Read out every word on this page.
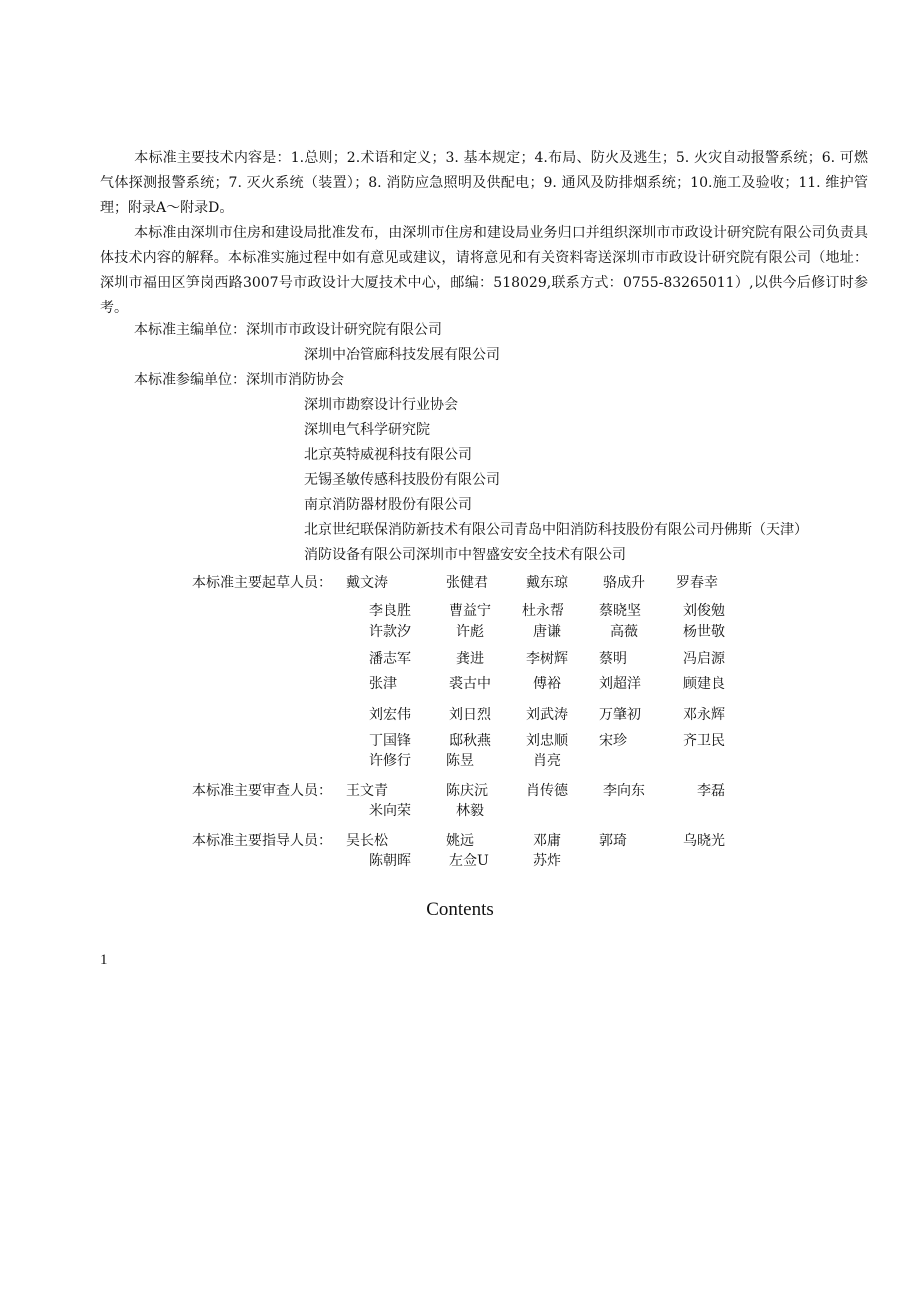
本标准主要技术内容是：1.总则；2.术语和定义；3. 基本规定；4.布局、防火及逃生；5. 火灾自动报警系统；6. 可燃气体探测报警系统；7. 灭火系统（装置）；8. 消防应急照明及供配电；9. 通风及防排烟系统；10.施工及验收；11. 维护管理；附录A～附录D。

本标准由深圳市住房和建设局批准发布，由深圳市住房和建设局业务归口并组织深圳市市政设计研究院有限公司负责具体技术内容的解释。本标准实施过程中如有意见或建议，请将意见和有关资料寄送深圳市市政设计研究院有限公司（地址：深圳市福田区笋岗西路3007号市政设计大厦技术中心，邮编：518029,联系方式：0755-83265011）,以供今后修订时参考。

本标准主编单位：深圳市市政设计研究院有限公司
深圳中冶管廊科技发展有限公司
本标准参编单位：深圳市消防协会
深圳市勘察设计行业协会
深圳电气科学研究院
北京英特威视科技有限公司
无锡圣敏传感科技股份有限公司
南京消防器材股份有限公司
北京世纪联保消防新技术有限公司青岛中阳消防科技股份有限公司丹佛斯（天津）
消防设备有限公司深圳市中智盛安安全技术有限公司
本标准主要起草人员： 戴文涛	张健君	戴东琼	骆成升 罗春幸
李良胜	曹益宁 杜永帮	蔡晓坚	刘俊勉
许款汐	许彪	唐谦	高薇	杨世敬
潘志军	龚进	李树辉 蔡明	冯启源
张津	裘古中	傅裕	刘超洋	顾建良
刘宏伟	刘日烈	刘武涛 万肇初	邓永辉
丁国锋	邸秋燕	刘忠顺 宋珍	齐卫民
许修行	陈昱	肖亮
本标准主要审查人员： 王文青	陈庆沅	肖传德	李向东	李磊
米向荣	林毅
本标准主要指导人员： 吴长松	姚远	邓庸	郭琦	乌晓光
陈朝晖	左佥U	苏炸
Contents
1
